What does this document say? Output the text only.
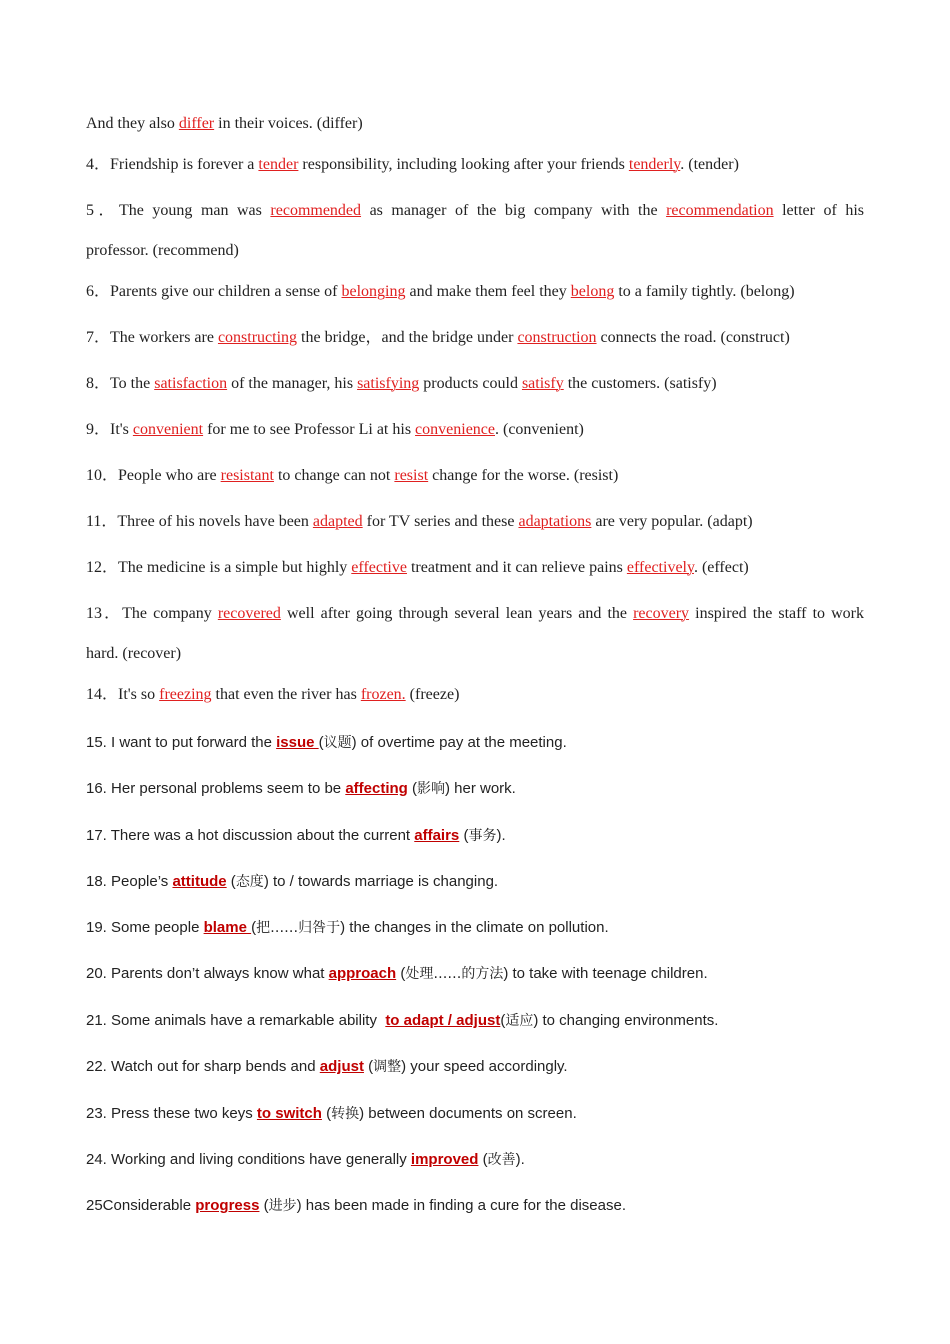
And they also differ in their voices. (differ)
4．Friendship is forever a tender responsibility, including looking after your friends tenderly. (tender)
5．The young man was recommended as manager of the big company with the recommendation letter of his
professor. (recommend)
6．Parents give our children a sense of belonging and make them feel they belong to a family tightly. (belong)
7．The workers are constructing the bridge，and the bridge under construction connects the road. (construct)
8．To the satisfaction of the manager, his satisfying products could satisfy the customers. (satisfy)
9．It's convenient for me to see Professor Li at his convenience. (convenient)
10．People who are resistant to change can not resist change for the worse. (resist)
11．Three of his novels have been adapted for TV series and these adaptations are very popular. (adapt)
12．The medicine is a simple but highly effective treatment and it can relieve pains effectively. (effect)
13．The company recovered well after going through several lean years and the recovery inspired the staff to work
hard. (recover)
14．It's so freezing that even the river has frozen. (freeze)
15. I want to put forward the issue (议题) of overtime pay at the meeting.
16. Her personal problems seem to be affecting (影响) her work.
17. There was a hot discussion about the current affairs (事务).
18. People’s attitude (态度) to / towards marriage is changing.
19. Some people blame (把……归咎于) the changes in the climate on pollution.
20. Parents don’t always know what approach (处理……的方法) to take with teenage children.
21. Some animals have a remarkable ability  to adapt / adjust(适应) to changing environments.
22. Watch out for sharp bends and adjust (调整) your speed accordingly.
23. Press these two keys to switch (转换) between documents on screen.
24. Working and living conditions have generally improved (改善).
25Considerable progress (进步) has been made in finding a cure for the disease.
